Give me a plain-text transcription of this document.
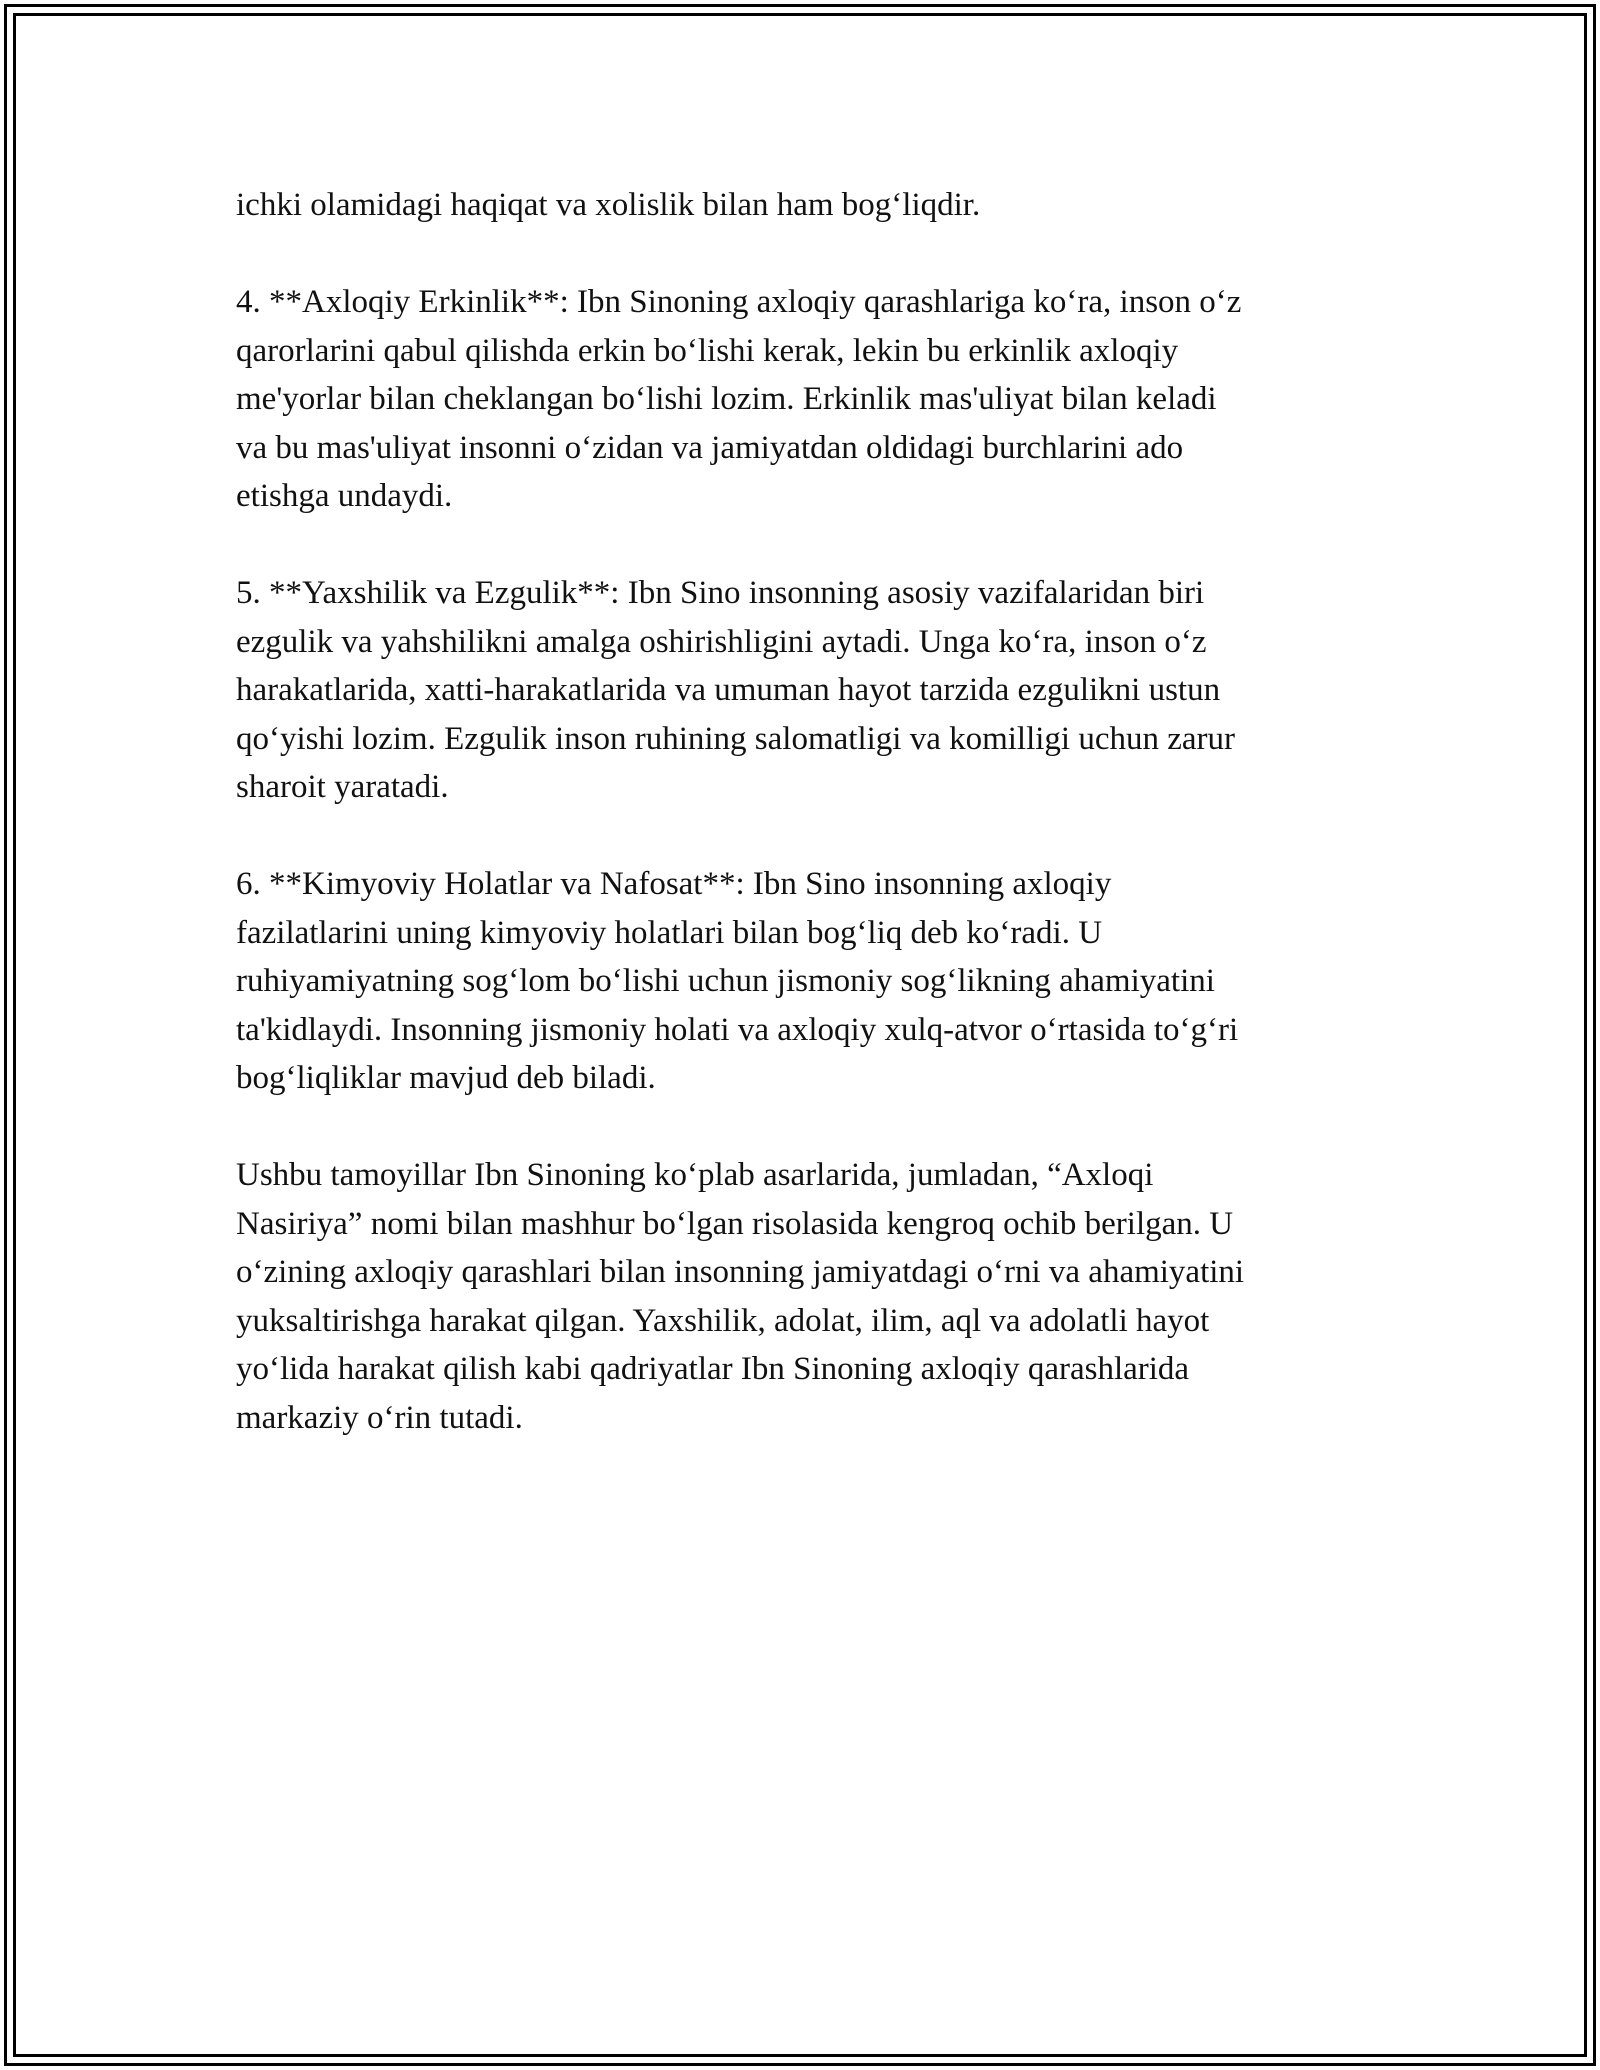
ichki olamidagi haqiqat va xolislik bilan ham bog‘liqdir.

4. **Axloqiy Erkinlik**: Ibn Sinoning axloqiy qarashlariga ko‘ra, inson o‘z
qarorlarini qabul qilishda erkin bo‘lishi kerak, lekin bu erkinlik axloqiy
me'yorlar bilan cheklangan bo‘lishi lozim. Erkinlik mas'uliyat bilan keladi
va bu mas'uliyat insonni o‘zidan va jamiyatdan oldidagi burchlarini ado
etishga undaydi.

5. **Yaxshilik va Ezgulik**: Ibn Sino insonning asosiy vazifalaridan biri
ezgulik va yahshilikni amalga oshirishligini aytadi. Unga ko‘ra, inson o‘z
harakatlarida, xatti-harakatlarida va umuman hayot tarzida ezgulikni ustun
qo‘yishi lozim. Ezgulik inson ruhining salomatligi va komilligi uchun zarur
sharoit yaratadi.

6. **Kimyoviy Holatlar va Nafosat**: Ibn Sino insonning axloqiy
fazilatlarini uning kimyoviy holatlari bilan bog‘liq deb ko‘radi. U
ruhiyamiyatning sog‘lom bo‘lishi uchun jismoniy sog‘likning ahamiyatini
ta'kidlaydi. Insonning jismoniy holati va axloqiy xulq-atvor o‘rtasida to‘g‘ri
bog‘liqliklar mavjud deb biladi.

Ushbu tamoyillar Ibn Sinoning ko‘plab asarlarida, jumladan, “Axloqi
Nasiriya” nomi bilan mashhur bo‘lgan risolasida kengroq ochib berilgan. U
o‘zining axloqiy qarashlari bilan insonning jamiyatdagi o‘rni va ahamiyatini
yuksaltirishga harakat qilgan. Yaxshilik, adolat, ilim, aql va adolatli hayot
yo‘lida harakat qilish kabi qadriyatlar Ibn Sinoning axloqiy qarashlarida
markaziy o‘rin tutadi.
